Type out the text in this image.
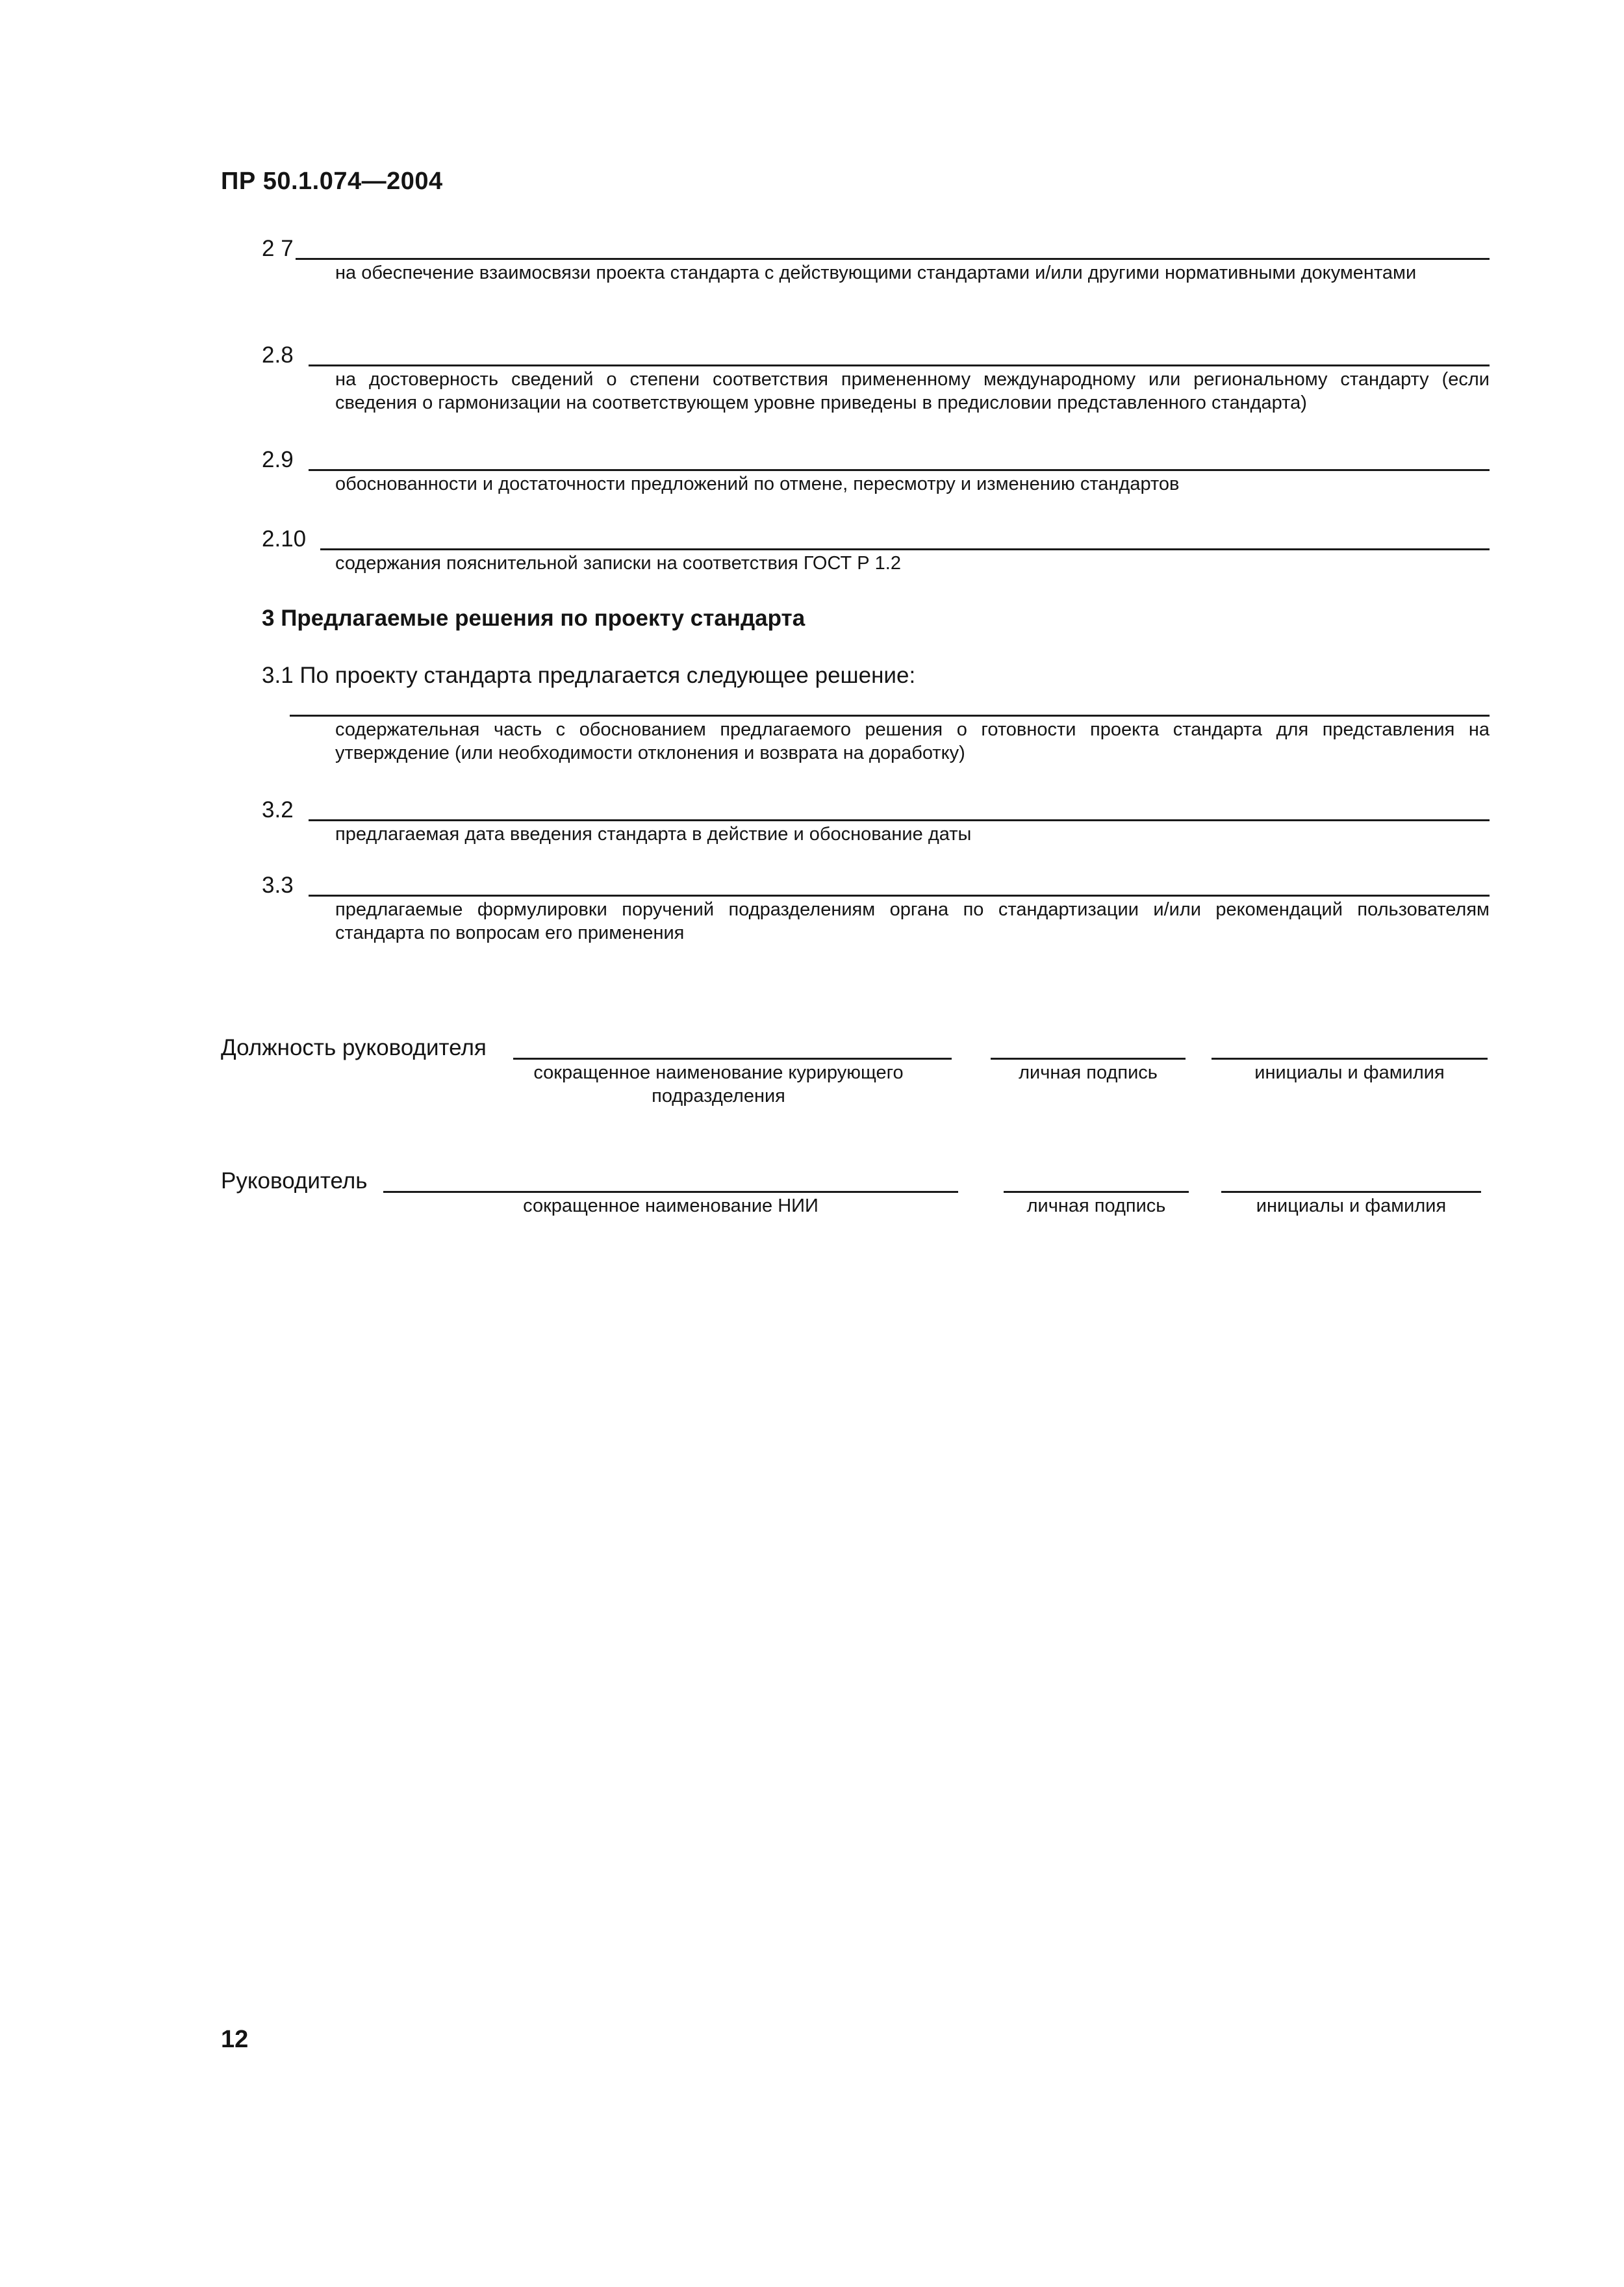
ПР 50.1.074—2004
2 7
на обеспечение взаимосвязи проекта стандарта с действующими стандартами и/или другими нормативными документами
2.8
на достоверность сведений о степени соответствия примененному международному или региональному стандарту (если сведения о гармонизации на соответствующем уровне приведены в предисловии представленного стандарта)
2.9
обоснованности и достаточности предложений по отмене, пересмотру и изменению стандартов
2.10
содержания пояснительной записки на соответствия ГОСТ Р 1.2
3 Предлагаемые решения по проекту стандарта
3.1 По проекту стандарта предлагается следующее решение:
содержательная часть с обоснованием предлагаемого решения о готовности проекта стандарта для представления на утверждение (или необходимости отклонения и возврата на доработку)
3.2
предлагаемая дата введения стандарта в действие и обоснование даты
3.3
предлагаемые формулировки поручений подразделениям органа по стандартизации и/или рекомендаций пользователям стандарта по вопросам его применения
Должность руководителя
сокращенное наименование курирующего подразделения
личная подпись	инициалы и фамилия
Руководитель
сокращенное наименование НИИ	личная подпись	инициалы и фамилия
12
